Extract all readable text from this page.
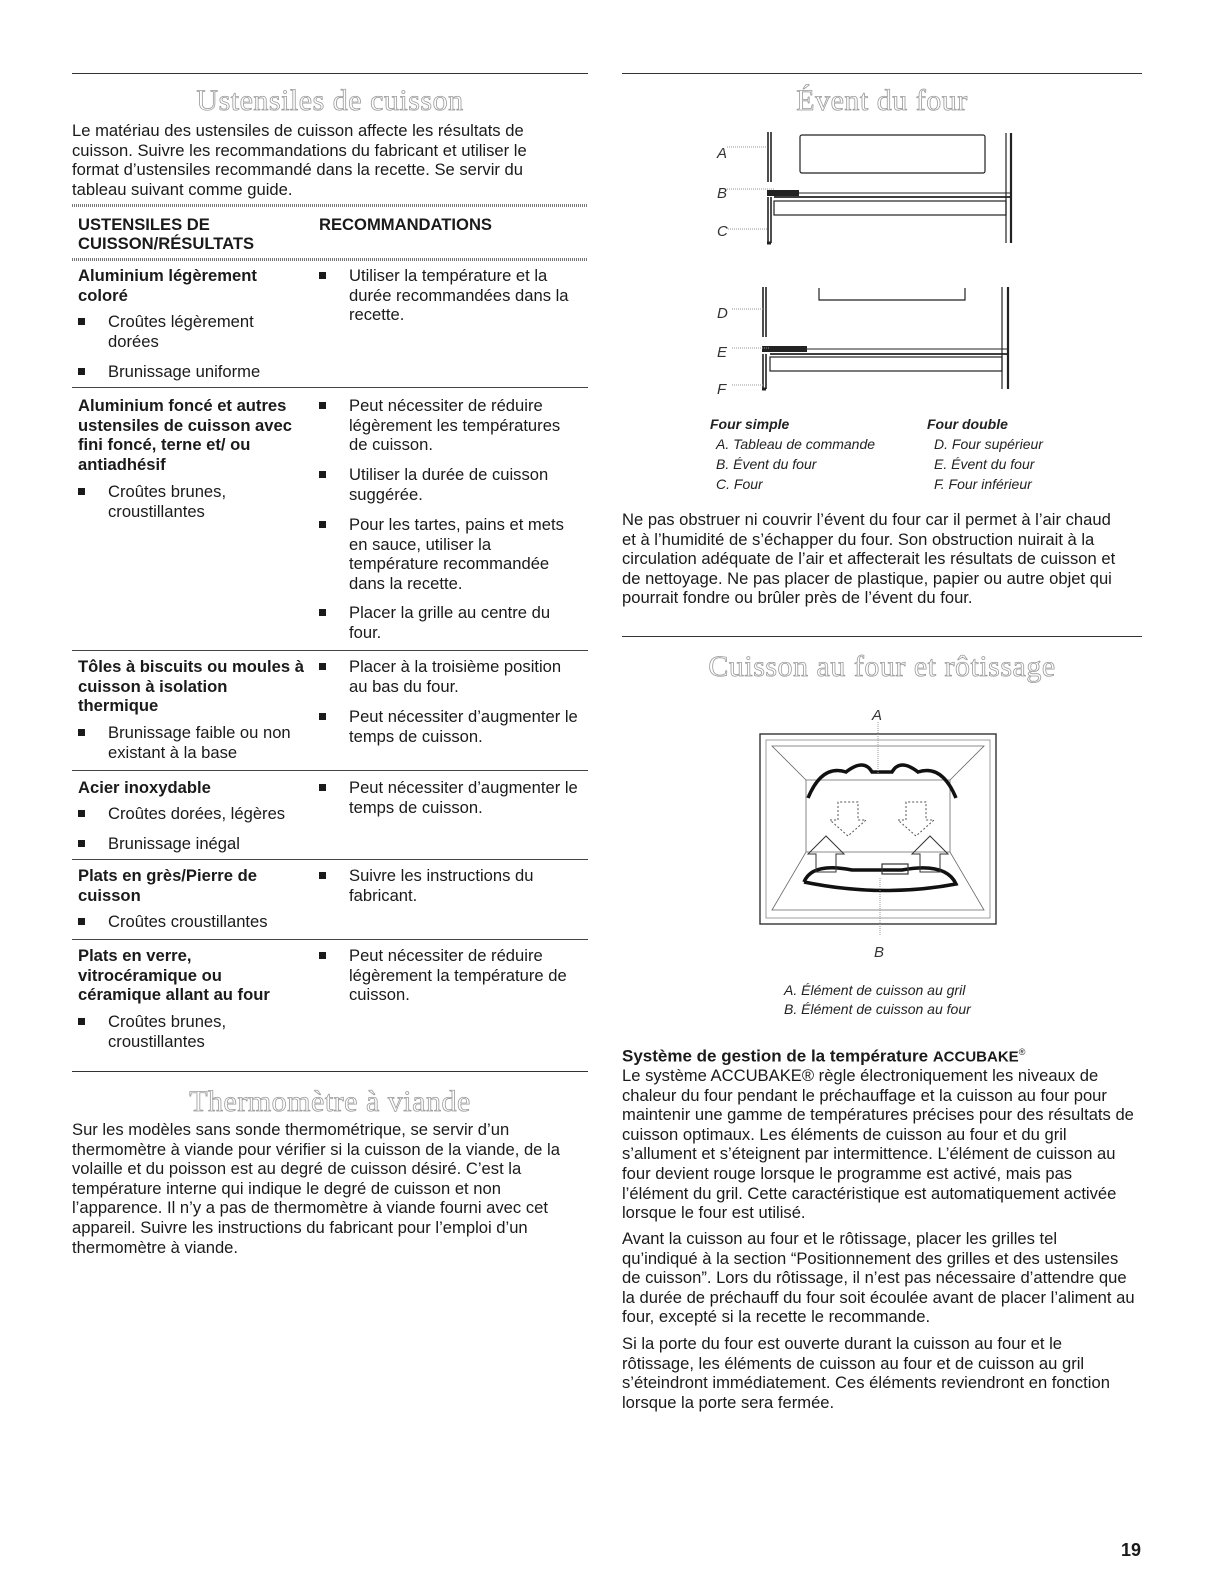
Ustensiles de cuisson

Le matériau des ustensiles de cuisson affecte les résultats de cuisson. Suivre les recommandations du fabricant et utiliser le format d’ustensiles recommandé dans la recette. Se servir du tableau suivant comme guide.

USTENSILES DE CUISSON/RÉSULTATS
RECOMMANDATIONS
Aluminium légèrement coloré
Croûtes légèrement dorées
Brunissage uniforme
Utiliser la température et la durée recommandées dans la recette.
Aluminium foncé et autres ustensiles de cuisson avec fini foncé, terne et/ ou antiadhésif
Croûtes brunes, croustillantes
Peut nécessiter de réduire légèrement les températures de cuisson.
Utiliser la durée de cuisson suggérée.
Pour les tartes, pains et mets en sauce, utiliser la température recommandée dans la recette.
Placer la grille au centre du four.
Tôles à biscuits ou moules à cuisson à isolation thermique
Brunissage faible ou non existant à la base
Placer à la troisième position au bas du four.
Peut nécessiter d’augmenter le temps de cuisson.
Acier inoxydable
Croûtes dorées, légères
Brunissage inégal
Peut nécessiter d’augmenter le temps de cuisson.
Plats en grès/Pierre de cuisson
Croûtes croustillantes
Suivre les instructions du fabricant.
Plats en verre, vitrocéramique ou céramique allant au four
Croûtes brunes, croustillantes
Peut nécessiter de réduire légèrement la température de cuisson.
Thermomètre à viande

Sur les modèles sans sonde thermométrique, se servir d’un thermomètre à viande pour vérifier si la cuisson de la viande, de la volaille et du poisson est au degré de cuisson désiré. C’est la température interne qui indique le degré de cuisson et non l’apparence. Il n’y a pas de thermomètre à viande fourni avec cet appareil. Suivre les instructions du fabricant pour l’emploi d’un thermomètre à viande.

Évent du four
A
B
C
D
E
F
Four simple
A. Tableau de commande
B. Évent du four
C. Four
Four double
D. Four supérieur
E. Évent du four
F. Four inférieur

Ne pas obstruer ni couvrir l’évent du four car il permet à l’air chaud et à l’humidité de s’échapper du four. Son obstruction nuirait à la circulation adéquate de l’air et affecterait les résultats de cuisson et de nettoyage. Ne pas placer de plastique, papier ou autre objet qui pourrait fondre ou brûler près de l’évent du four.

Cuisson au four et rôtissage
A
B
A. Élément de cuisson au gril
B. Élément de cuisson au four
Système de gestion de la température ACCUBAKE®

Le système ACCUBAKE® règle électroniquement les niveaux de chaleur du four pendant le préchauffage et la cuisson au four pour maintenir une gamme de températures précises pour des résultats de cuisson optimaux. Les éléments de cuisson au four et du gril s’allument et s’éteignent par intermittence. L’élément de cuisson au four devient rouge lorsque le programme est activé, mais pas l’élément du gril. Cette caractéristique est automatiquement activée lorsque le four est utilisé.

Avant la cuisson au four et le rôtissage, placer les grilles tel qu’indiqué à la section “Positionnement des grilles et des ustensiles de cuisson”. Lors du rôtissage, il n’est pas nécessaire d’attendre que la durée de préchauff du four soit écoulée avant de placer l’aliment au four, excepté si la recette le recommande.

Si la porte du four est ouverte durant la cuisson au four et le rôtissage, les éléments de cuisson au four et de cuisson au gril s’éteindront immédiatement. Ces éléments reviendront en fonction lorsque la porte sera fermée.

19
